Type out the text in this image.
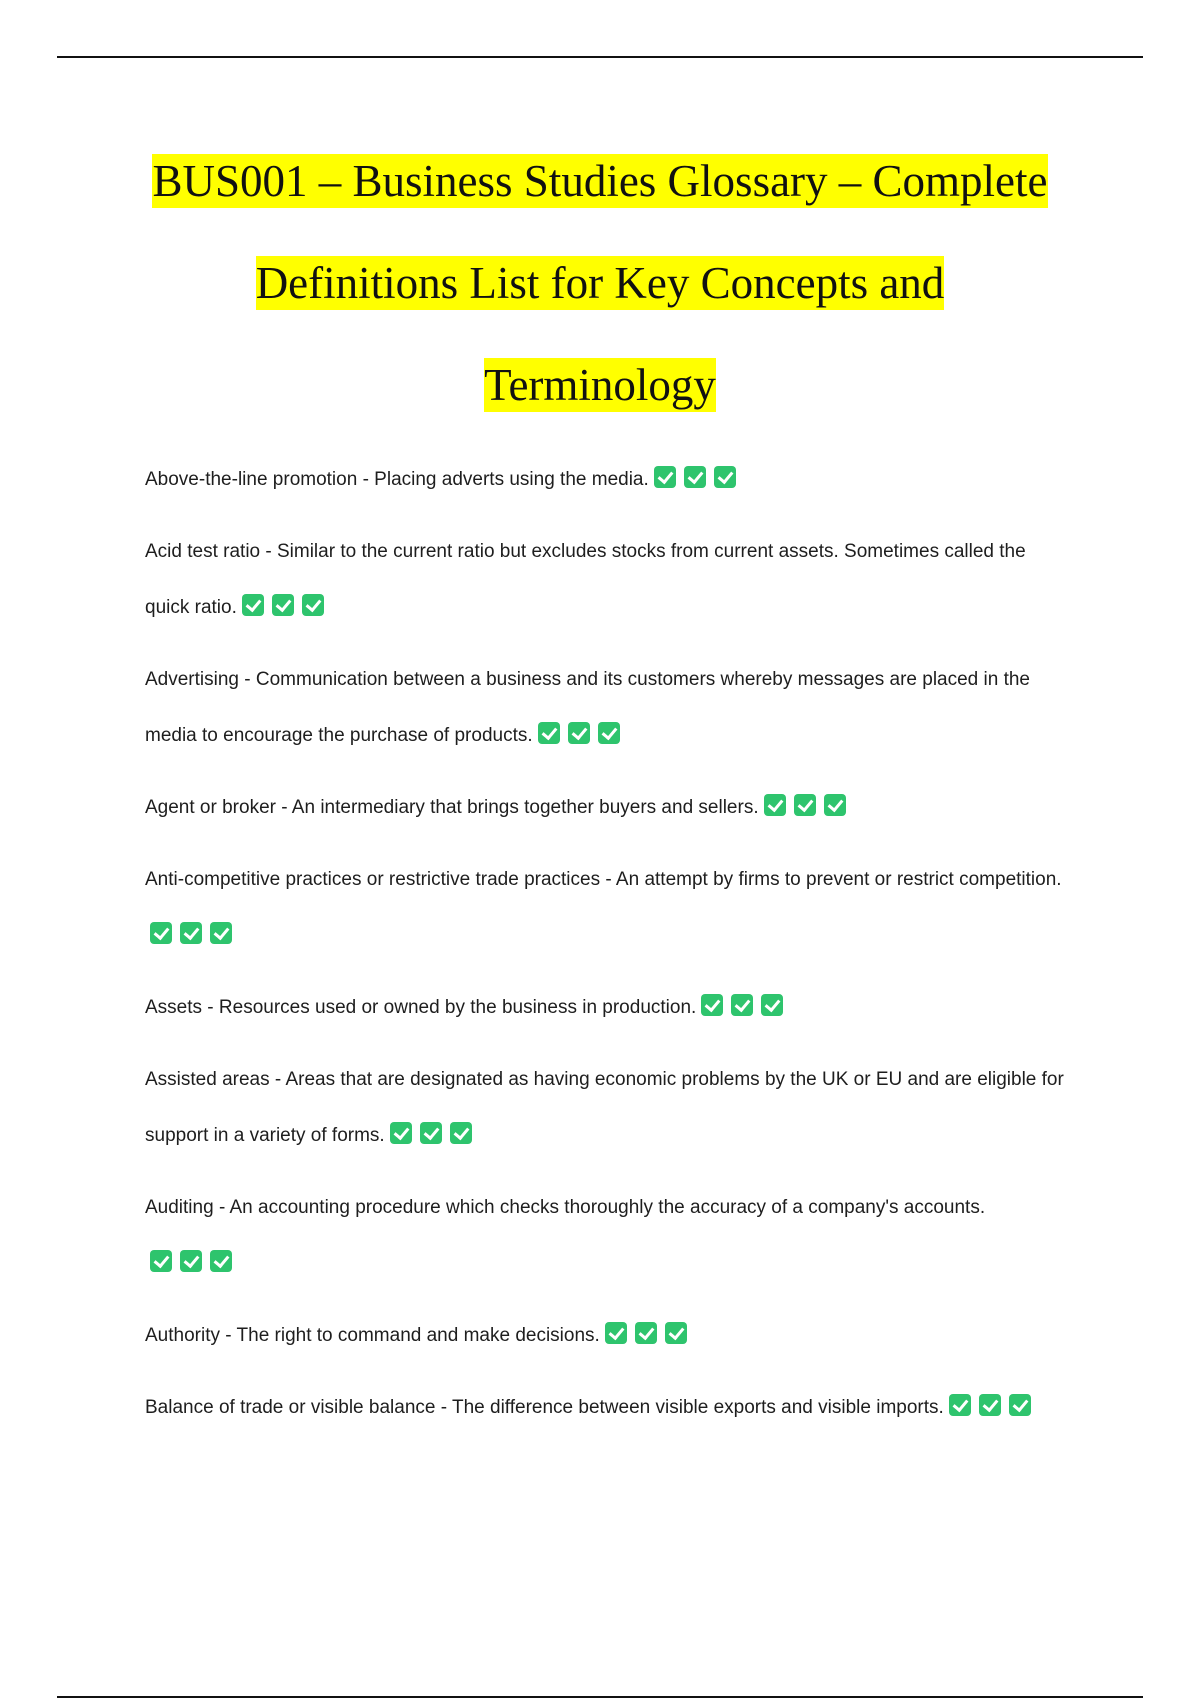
BUS001 – Business Studies Glossary – Complete
Definitions List for Key Concepts and
Terminology

Above-the-line promotion - Placing adverts using the media.

Acid test ratio - Similar to the current ratio but excludes stocks from current assets. Sometimes called the quick ratio.

Advertising - Communication between a business and its customers whereby messages are placed in the media to encourage the purchase of products.

Agent or broker - An intermediary that brings together buyers and sellers.

Anti-competitive practices or restrictive trade practices - An attempt by firms to prevent or restrict competition.

Assets - Resources used or owned by the business in production.

Assisted areas - Areas that are designated as having economic problems by the UK or EU and are eligible for support in a variety of forms.

Auditing - An accounting procedure which checks thoroughly the accuracy of a company's accounts.

Authority - The right to command and make decisions.

Balance of trade or visible balance - The difference between visible exports and visible imports.
